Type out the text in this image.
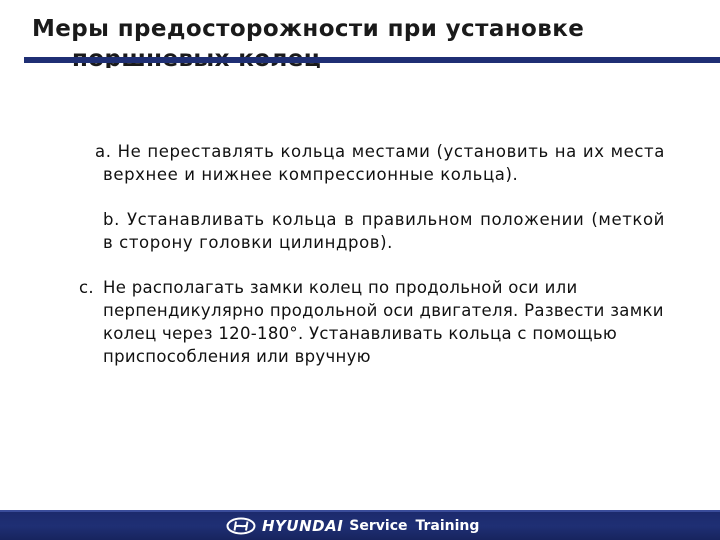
Меры предосторожности при установке

a. Не переставлять кольца местами (установить на их места верхнее и нижнее компрессионные кольца).

b. Устанавливать кольца в правильном положении (меткой в сторону головки цилиндров).

c. Не располагать замки колец по продольной оси или перпендикулярно продольной оси двигателя. Развести замки колец через 120-180°. Устанавливать кольца с помощью приспособления или вручную

HYUNDAI Service Training
